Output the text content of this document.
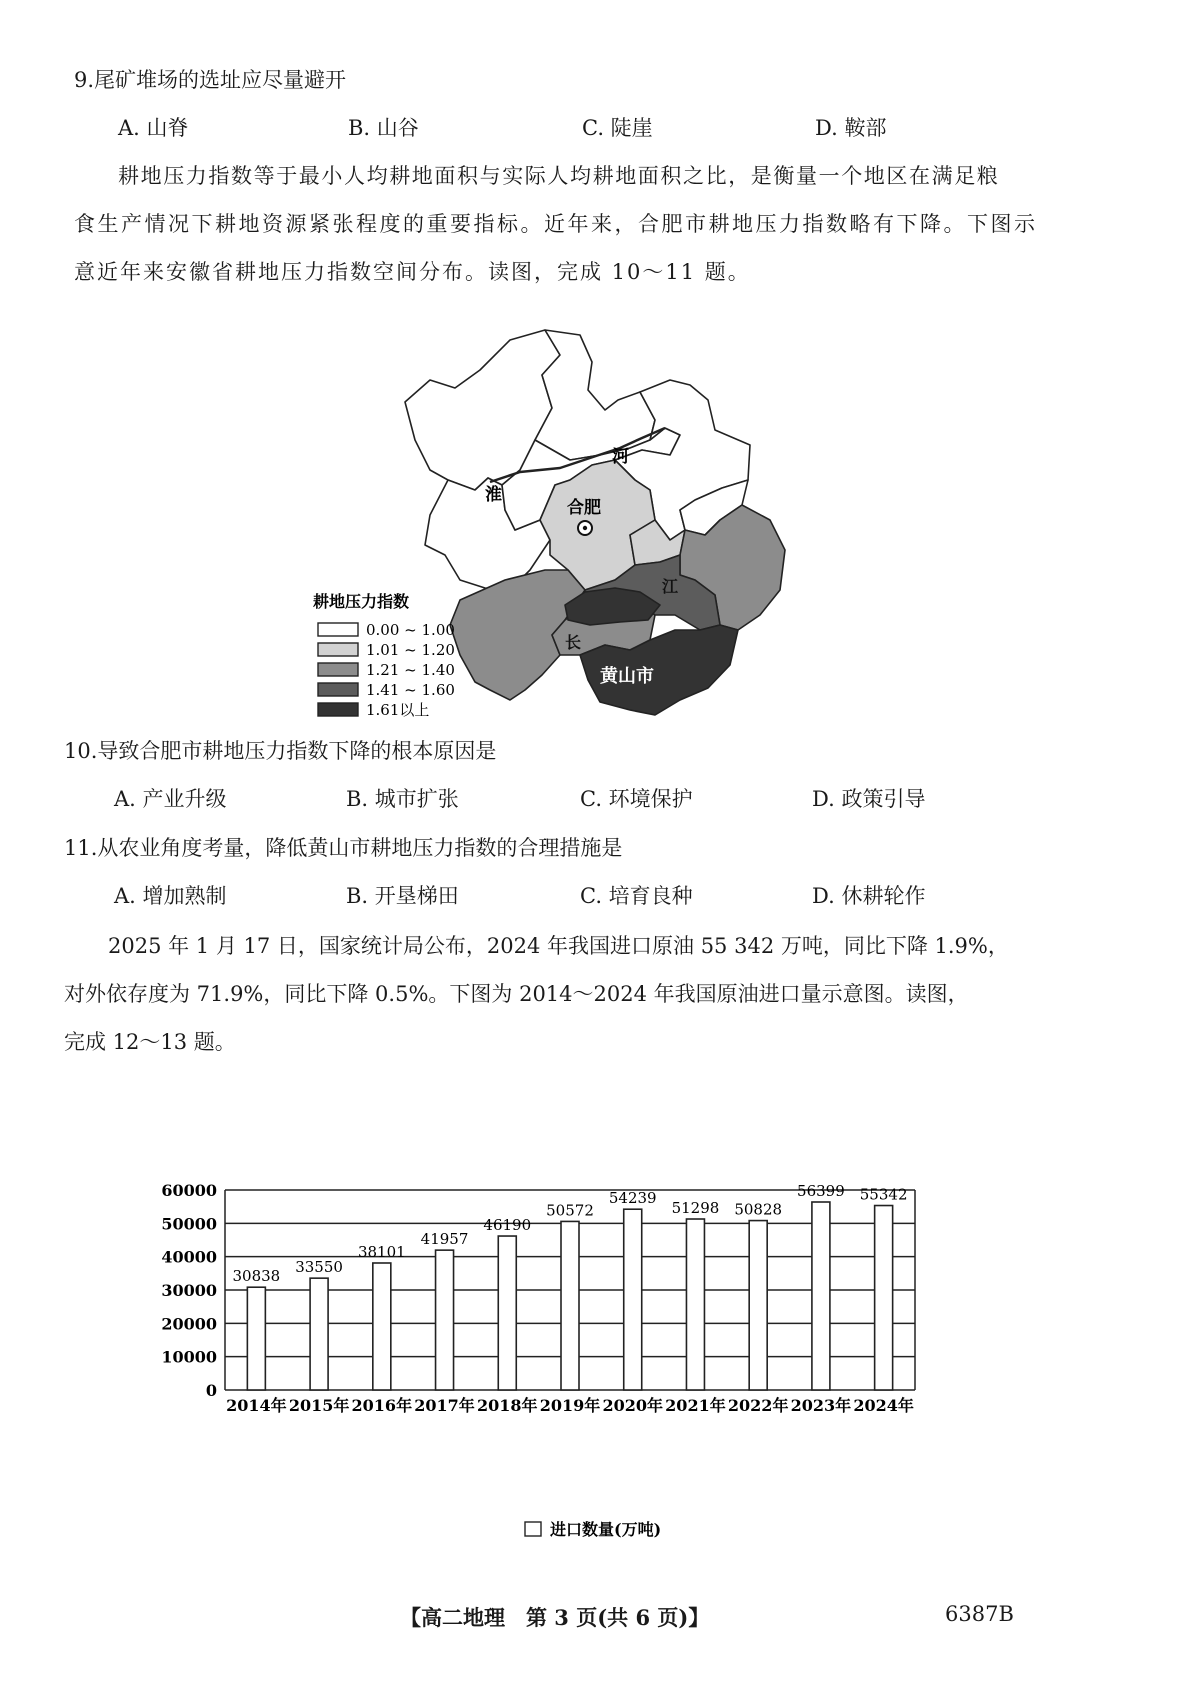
9.尾矿堆场的选址应尽量避开
A. 山脊	B. 山谷	C. 陡崖	D. 鞍部
耕地压力指数等于最小人均耕地面积与实际人均耕地面积之比，是衡量一个地区在满足粮
食生产情况下耕地资源紧张程度的重要指标。近年来，合肥市耕地压力指数略有下降。下图示
意近年来安徽省耕地压力指数空间分布。读图，完成 10～11 题。
淮
河
合肥
江
长
黄山市
耕地压力指数
0.00 ~ 1.00
1.01 ~ 1.20
1.21 ~ 1.40
1.41 ~ 1.60
1.61以上
10.导致合肥市耕地压力指数下降的根本原因是
A. 产业升级	B. 城市扩张	C. 环境保护	D. 政策引导
11.从农业角度考量，降低黄山市耕地压力指数的合理措施是
A. 增加熟制	B. 开垦梯田	C. 培育良种	D. 休耕轮作
2025 年 1 月 17 日，国家统计局公布，2024 年我国进口原油 55 342 万吨，同比下降 1.9%，
对外依存度为 71.9%，同比下降 0.5%。下图为 2014～2024 年我国原油进口量示意图。读图，
完成 12～13 题。
0
10000
20000
30000
40000
50000
60000
30838
33550
38101
41957
46190
50572
54239
51298 50828
56399 55342
2014年 2015年 2016年 2017年 2018年 2019年 2020年 2021年 2022年 2023年 2024年
进口数量(万吨)
【高二地理　第 3 页(共 6 页)】	6387B
